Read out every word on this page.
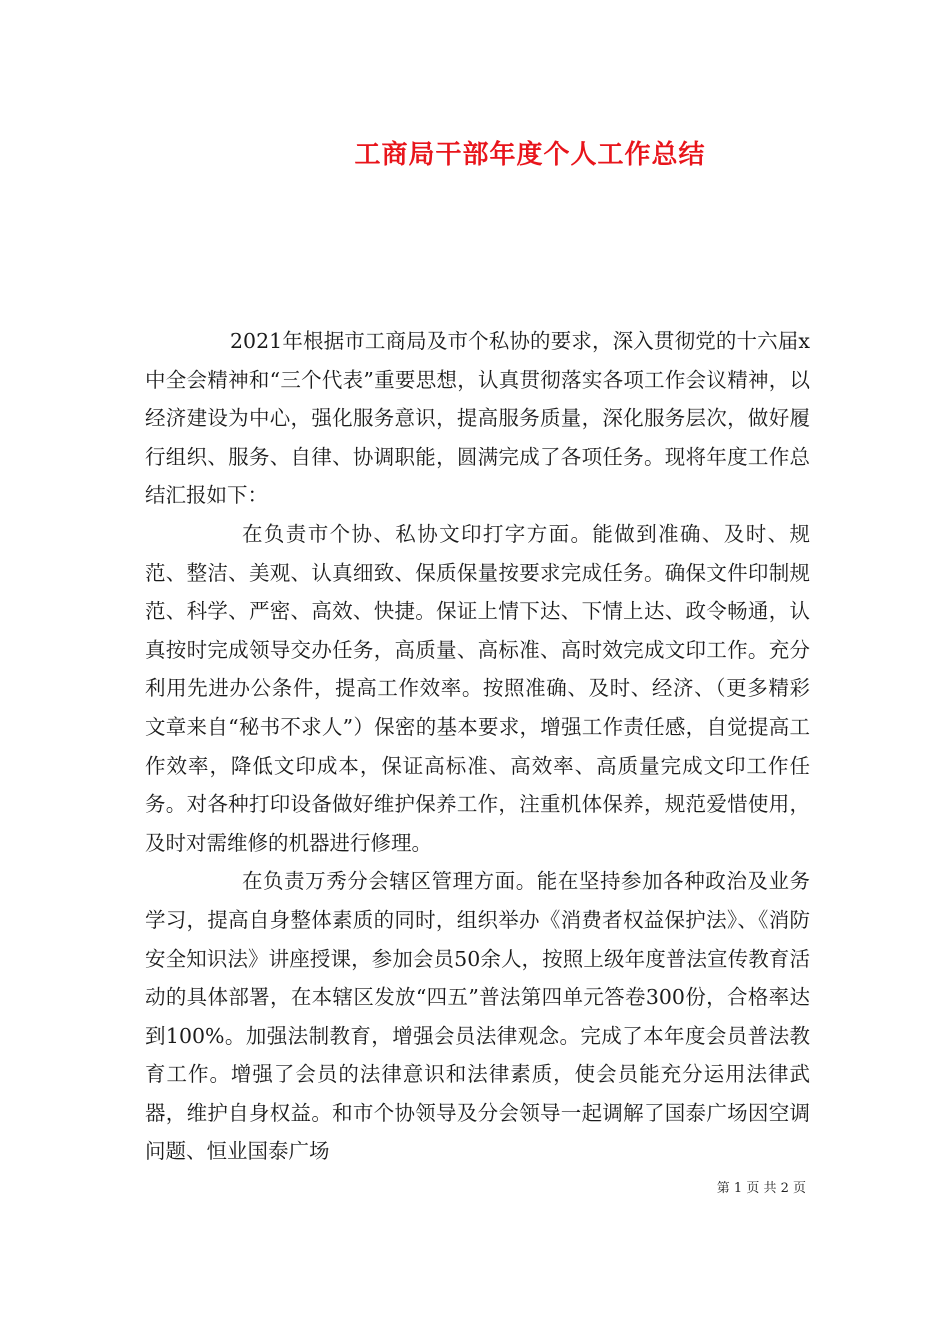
工商局干部年度个人工作总结

2021年根据市工商局及市个私协的要求，深入贯彻党的十六届x中全会精神和“三个代表”重要思想，认真贯彻落实各项工作会议精神，以经济建设为中心，强化服务意识，提高服务质量，深化服务层次，做好履行组织、服务、自律、协调职能，圆满完成了各项任务。现将年度工作总结汇报如下：

在负责市个协、私协文印打字方面。能做到准确、及时、规范、整洁、美观、认真细致、保质保量按要求完成任务。确保文件印制规范、科学、严密、高效、快捷。保证上情下达、下情上达、政令畅通，认真按时完成领导交办任务，高质量、高标准、高时效完成文印工作。充分利用先进办公条件，提高工作效率。按照准确、及时、经济、（更多精彩文章来自“秘书不求人”）保密的基本要求，增强工作责任感，自觉提高工作效率，降低文印成本，保证高标准、高效率、高质量完成文印工作任务。对各种打印设备做好维护保养工作，注重机体保养，规范爱惜使用，及时对需维修的机器进行修理。

在负责万秀分会辖区管理方面。能在坚持参加各种政治及业务学习，提高自身整体素质的同时，组织举办《消费者权益保护法》、《消防安全知识法》讲座授课，参加会员50余人，按照上级年度普法宣传教育活动的具体部署，在本辖区发放“四五”普法第四单元答卷300份，合格率达到100%。加强法制教育，增强会员法律观念。完成了本年度会员普法教育工作。增强了会员的法律意识和法律素质，使会员能充分运用法律武器，维护自身权益。和市个协领导及分会领导一起调解了国泰广场因空调问题、恒业国泰广场

第 1 页 共 2 页
